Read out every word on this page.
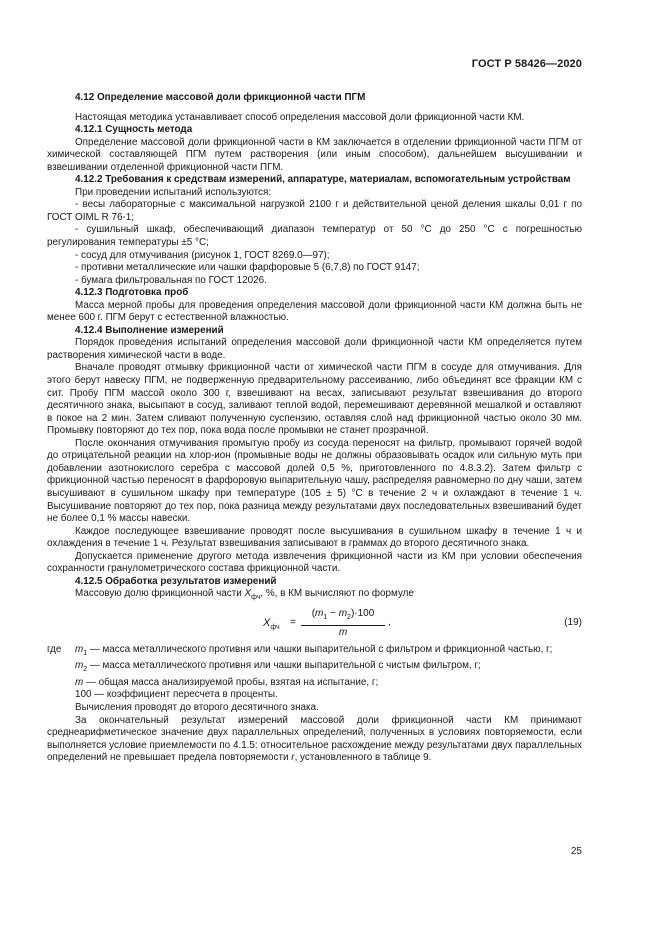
ГОСТ Р 58426—2020

4.12 Определение массовой доли фрикционной части ПГМ

Настоящая методика устанавливает способ определения массовой доли фрикционной части КМ.

4.12.1 Сущность метода

Определение массовой доли фрикционной части в КМ заключается в отделении фрикционной части ПГМ от химической составляющей ПГМ путем растворения (или иным способом), дальнейшем высушивании и взвешивании отделенной фрикционной части ПГМ.

4.12.2 Требования к средствам измерений, аппаратуре, материалам, вспомогательным устройствам

При проведении испытаний используются:

- весы лабораторные с максимальной нагрузкой 2100 г и действительной ценой деления шкалы 0,01 г по ГОСТ OIML R 76-1;

- сушильный шкаф, обеспечивающий диапазон температур от 50 °С до 250 °С с погрешностью регулирования температуры ±5 °С;

- сосуд для отмучивания (рисунок 1, ГОСТ 8269.0—97);

- противни металлические или чашки фарфоровые 5 (6,7,8) по ГОСТ 9147;

- бумага фильтровальная по ГОСТ 12026.

4.12.3 Подготовка проб

Масса мерной пробы для проведения определения массовой доли фрикционной части КМ должна быть не менее 600 г. ПГМ берут с естественной влажностью.

4.12.4 Выполнение измерений

Порядок проведения испытаний определения массовой доли фрикционной части КМ определяется путем растворения химической части в воде.

Вначале проводят отмывку фрикционной части от химической части ПГМ в сосуде для отмучивания. Для этого берут навеску ПГМ, не подверженную предварительному рассеиванию, либо объединят все фракции КМ с сит. Пробу ПГМ массой около 300 г, взвешивают на весах, записывают результат взвешивания до второго десятичного знака, высыпают в сосуд, заливают теплой водой, перемешивают деревянной мешалкой и оставляют в покое на 2 мин. Затем сливают полученную суспензию, оставляя слой над фрикционной частью около 30 мм. Промывку повторяют до тех пор, пока вода после промывки не станет прозрачной.

После окончания отмучивания промытую пробу из сосуда переносят на фильтр, промывают горячей водой до отрицательной реакции на хлор-ион (промывные воды не должны образовывать осадок или сильную муть при добавлении азотнокислого серебра с массовой долей 0,5 %, приготовленного по 4.8.3.2). Затем фильтр с фрикционной частью переносят в фарфоровую выпарительную чашу, распределяя равномерно по дну чаши, затем высушивают в сушильном шкафу при температуре (105 ± 5) °С в течение 2 ч и охлаждают в течение 1 ч. Высушивание повторяют до тех пор, пока разница между результатами двух последовательных взвешиваний будет не более 0,1 % массы навески.

Каждое последующее взвешивание проводят после высушивания в сушильном шкафу в течение 1 ч и охлаждения в течение 1 ч. Результат взвешивания записывают в граммах до второго десятичного знака.

Допускается применение другого метода извлечения фрикционной части из КМ при условии обеспечения сохранности гранулометрического состава фрикционной части.

4.12.5 Обработка результатов измерений

Массовую долю фрикционной части $X_{фч}$, %, в КМ вычисляют по формуле

$X_{фч} = \frac{(m_1 - m_2)\cdot 100}{m}$ ,	(19)
где	$m_1$ — масса металлического противня или чашки выпарительной с фильтром и фрикционной частью, г;
$m_2$ — масса металлического противня или чашки выпарительной с чистым фильтром, г;
m — общая масса анализируемой пробы, взятая на испытание, г;
100 — коэффициент пересчета в проценты.

Вычисления проводят до второго десятичного знака.

За окончательный результат измерений массовой доли фрикционной части КМ принимают среднеарифметическое значение двух параллельных определений, полученных в условиях повторяемости, если выполняется условие приемлемости по 4.1.5: относительное расхождение между результатами двух параллельных определений не превышает предела повторяемости r, установленного в таблице 9.

25
